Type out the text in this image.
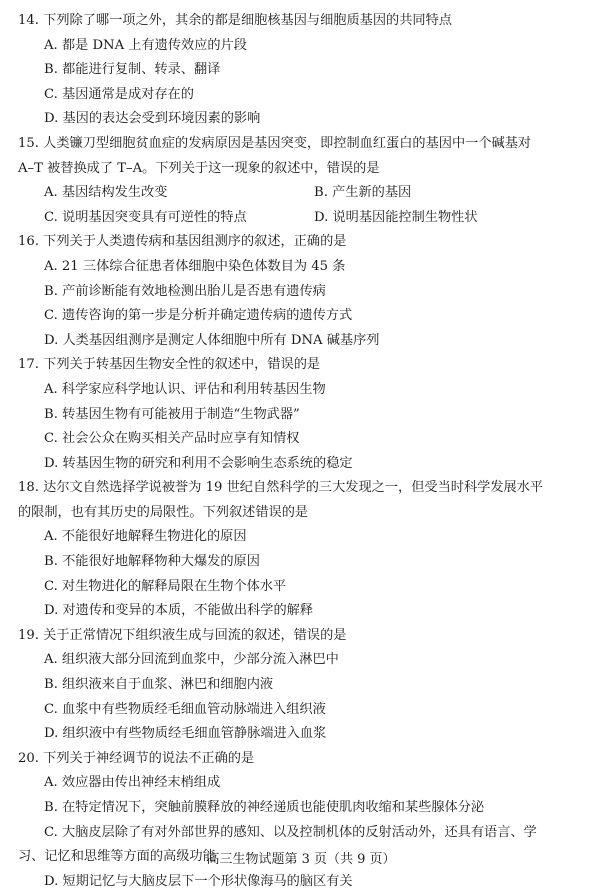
14. 下列除了哪一项之外，其余的都是细胞核基因与细胞质基因的共同特点
A. 都是 DNA 上有遗传效应的片段
B. 都能进行复制、转录、翻译
C. 基因通常是成对存在的
D. 基因的表达会受到环境因素的影响
15. 人类镰刀型细胞贫血症的发病原因是基因突变，即控制血红蛋白的基因中一个碱基对
A–T 被替换成了 T–A。下列关于这一现象的叙述中，错误的是
A. 基因结构发生改变	B. 产生新的基因
C. 说明基因突变具有可逆性的特点	D. 说明基因能控制生物性状
16. 下列关于人类遗传病和基因组测序的叙述，正确的是
A. 21 三体综合征患者体细胞中染色体数目为 45 条
B. 产前诊断能有效地检测出胎儿是否患有遗传病
C. 遗传咨询的第一步是分析并确定遗传病的遗传方式
D. 人类基因组测序是测定人体细胞中所有 DNA 碱基序列
17. 下列关于转基因生物安全性的叙述中，错误的是
A. 科学家应科学地认识、评估和利用转基因生物
B. 转基因生物有可能被用于制造“生物武器”
C. 社会公众在购买相关产品时应享有知情权
D. 转基因生物的研究和利用不会影响生态系统的稳定
18. 达尔文自然选择学说被誉为 19 世纪自然科学的三大发现之一，但受当时科学发展水平
的限制，也有其历史的局限性。下列叙述错误的是
A. 不能很好地解释生物进化的原因
B. 不能很好地解释物种大爆发的原因
C. 对生物进化的解释局限在生物个体水平
D. 对遗传和变异的本质，不能做出科学的解释
19. 关于正常情况下组织液生成与回流的叙述，错误的是
A. 组织液大部分回流到血浆中，少部分流入淋巴中
B. 组织液来自于血浆、淋巴和细胞内液
C. 血浆中有些物质经毛细血管动脉端进入组织液
D. 组织液中有些物质经毛细血管静脉端进入血浆
20. 下列关于神经调节的说法不正确的是
A. 效应器由传出神经末梢组成
B. 在特定情况下，突触前膜释放的神经递质也能使肌肉收缩和某些腺体分泌
C. 大脑皮层除了有对外部世界的感知、以及控制机体的反射活动外，还具有语言、学
习、记忆和思维等方面的高级功能
D. 短期记忆与大脑皮层下一个形状像海马的脑区有关
高三生物试题第 3 页（共 9 页）
